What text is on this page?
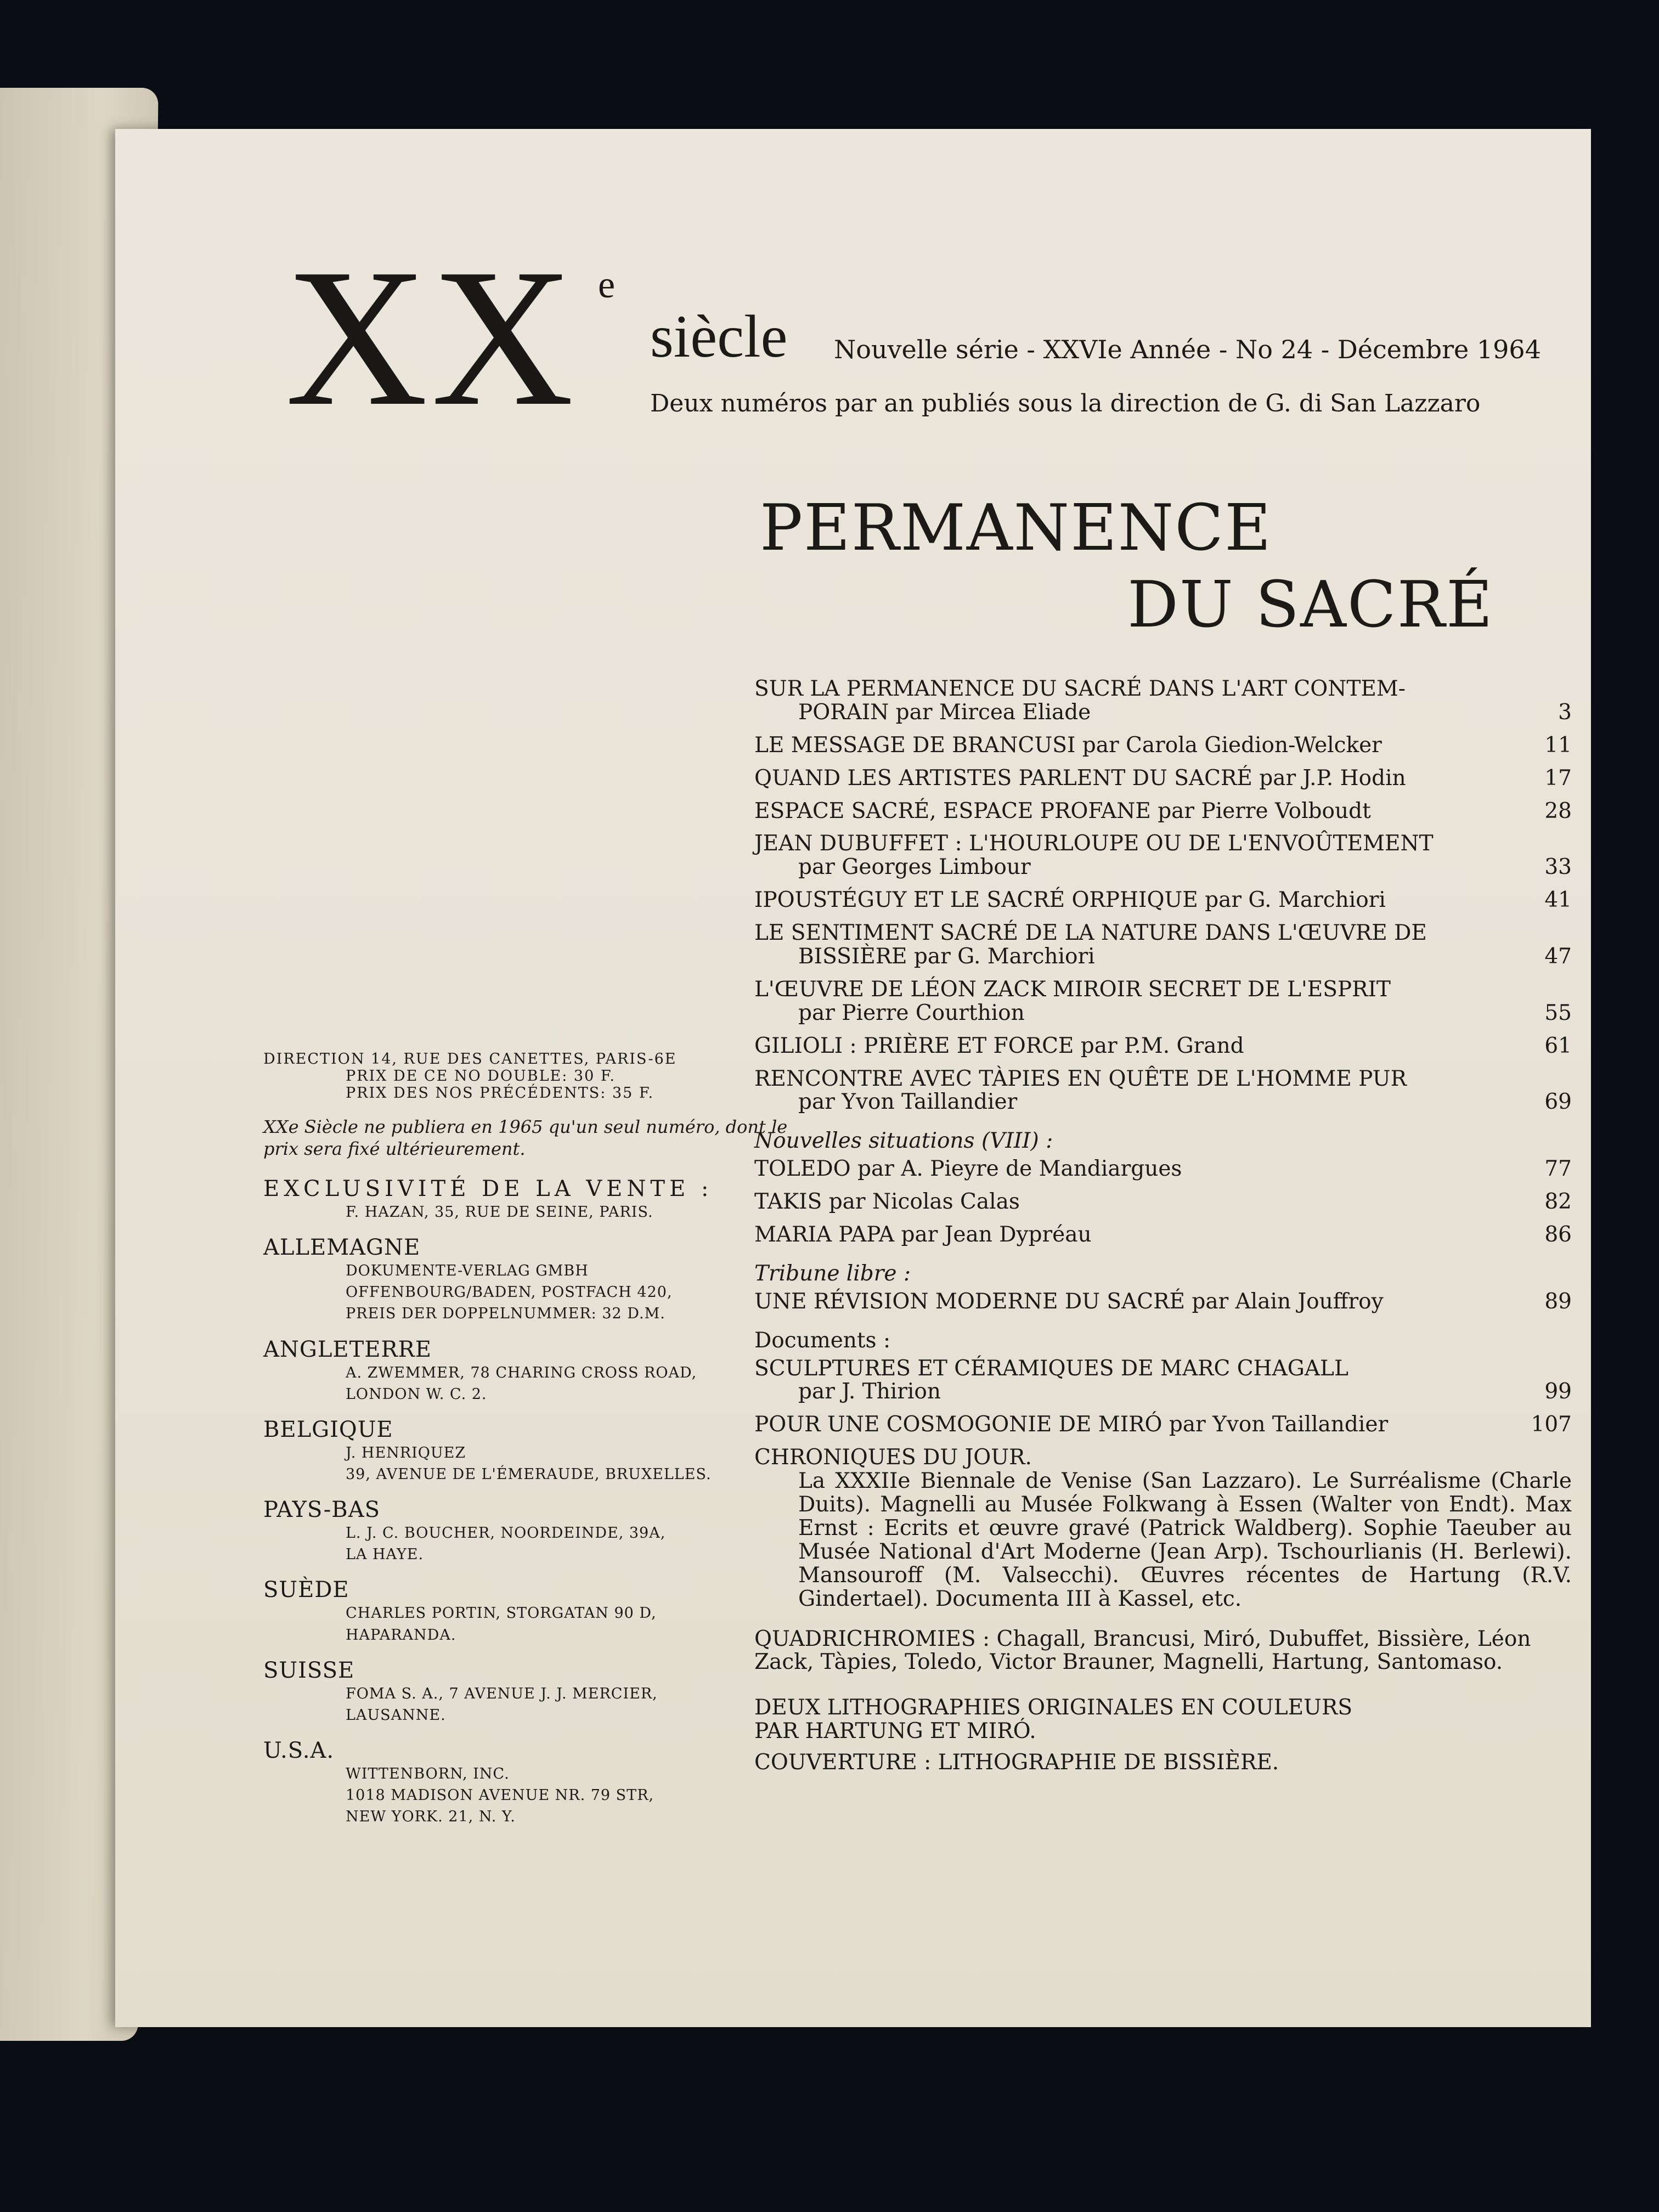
XX e
siècle Nouvelle série - XXVIe Année - No 24 - Décembre 1964
Deux numéros par an publiés sous la direction de G. di San Lazzaro
PERMANENCE
DU SACRÉ
SUR LA PERMANENCE DU SACRÉ DANS L'ART CONTEM-
PORAIN par Mircea Eliade	3
LE MESSAGE DE BRANCUSI par Carola Giedion-Welcker	11
QUAND LES ARTISTES PARLENT DU SACRÉ par J.P. Hodin	17
ESPACE SACRÉ, ESPACE PROFANE par Pierre Volboudt	28
JEAN DUBUFFET : L'HOURLOUPE OU DE L'ENVOÛTEMENT
par Georges Limbour	33
IPOUSTÉGUY ET LE SACRÉ ORPHIQUE par G. Marchiori	41
LE SENTIMENT SACRÉ DE LA NATURE DANS L'ŒUVRE DE
BISSIÈRE par G. Marchiori	47
L'ŒUVRE DE LÉON ZACK MIROIR SECRET DE L'ESPRIT
par Pierre Courthion	55
GILIOLI : PRIÈRE ET FORCE par P.M. Grand	61
RENCONTRE AVEC TÀPIES EN QUÊTE DE L'HOMME PUR
par Yvon Taillandier	69
Nouvelles situations (VIII) :
TOLEDO par A. Pieyre de Mandiargues	77
TAKIS par Nicolas Calas	82
MARIA PAPA par Jean Dypréau	86
Tribune libre :
UNE RÉVISION MODERNE DU SACRÉ par Alain Jouffroy	89
Documents :
SCULPTURES ET CÉRAMIQUES DE MARC CHAGALL
par J. Thirion	99
POUR UNE COSMOGONIE DE MIRÓ par Yvon Taillandier	107
CHRONIQUES DU JOUR.
La XXXIIe Biennale de Venise (San Lazzaro). Le Surréalisme (Charle Duits). Magnelli au Musée Folkwang à Essen (Walter von Endt). Max Ernst : Ecrits et œuvre gravé (Patrick Waldberg). Sophie Taeuber au Musée National d'Art Moderne (Jean Arp). Tschourlianis (H. Berlewi). Mansouroff (M. Valsecchi). Œuvres récentes de Hartung (R.V. Gindertael). Documenta III à Kassel, etc.
QUADRICHROMIES : Chagall, Brancusi, Miró, Dubuffet, Bissière, Léon Zack, Tàpies, Toledo, Victor Brauner, Magnelli, Hartung, Santomaso.
DEUX LITHOGRAPHIES ORIGINALES EN COULEURS
PAR HARTUNG ET MIRÓ.
COUVERTURE : LITHOGRAPHIE DE BISSIÈRE.
DIRECTION 14, RUE DES CANETTES, PARIS-6E
PRIX DE CE NO DOUBLE: 30 F.
PRIX DES NOS PRÉCÉDENTS: 35 F.
XXe Siècle ne publiera en 1965 qu'un seul numéro, dont le prix sera fixé ultérieurement.
EXCLUSIVITÉ DE LA VENTE :
F. HAZAN, 35, RUE DE SEINE, PARIS.
ALLEMAGNE
DOKUMENTE-VERLAG GMBH
OFFENBOURG/BADEN, POSTFACH 420,
PREIS DER DOPPELNUMMER: 32 D.M.
ANGLETERRE
A. ZWEMMER, 78 CHARING CROSS ROAD,
LONDON W. C. 2.
BELGIQUE
J. HENRIQUEZ
39, AVENUE DE L'ÉMERAUDE, BRUXELLES.
PAYS-BAS
L. J. C. BOUCHER, NOORDEINDE, 39A,
LA HAYE.
SUÈDE
CHARLES PORTIN, STORGATAN 90 D,
HAPARANDA.
SUISSE
FOMA S. A., 7 AVENUE J. J. MERCIER,
LAUSANNE.
U.S.A.
WITTENBORN, INC.
1018 MADISON AVENUE NR. 79 STR,
NEW YORK. 21, N. Y.
